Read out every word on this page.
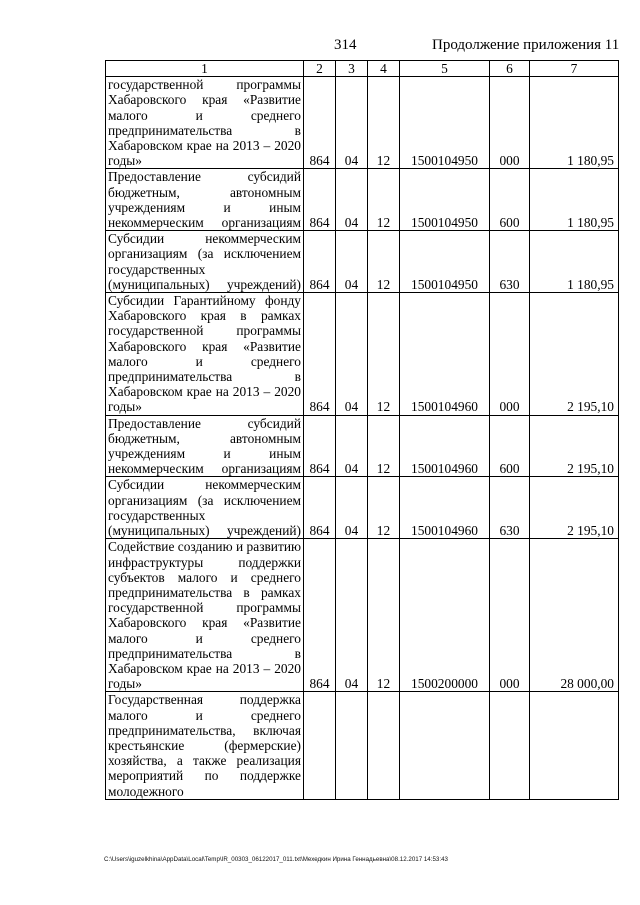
314	Продолжение приложения 11
1	2	3	4	5	6	7
государственной программы Хабаровского края «Развитие малого и среднего предпринимательства в Хабаровском крае на 2013 – 2020 годы»	864	04	12	1500104950	000	1 180,95
Предоставление субсидий бюджетным, автономным учреждениям и иным некоммерческим организациям	864	04	12	1500104950	600	1 180,95
Субсидии некоммерческим организациям (за исключением государственных (муниципальных) учреждений)	864	04	12	1500104950	630	1 180,95
Субсидии Гарантийному фонду Хабаровского края в рамках государственной программы Хабаровского края «Развитие малого и среднего предпринимательства в Хабаровском крае на 2013 – 2020 годы»	864	04	12	1500104960	000	2 195,10
Предоставление субсидий бюджетным, автономным учреждениям и иным некоммерческим организациям	864	04	12	1500104960	600	2 195,10
Субсидии некоммерческим организациям (за исключением государственных (муниципальных) учреждений)	864	04	12	1500104960	630	2 195,10
Содействие созданию и развитию инфраструктуры поддержки субъектов малого и среднего предпринимательства в рамках государственной программы Хабаровского края «Развитие малого и среднего предпринимательства в Хабаровском крае на 2013 – 2020 годы»	864	04	12	1500200000	000	28 000,00
Государственная поддержка малого и среднего предпринимательства, включая крестьянские (фермерские) хозяйства, а также реализация мероприятий по поддержке молодежного						
C:\Users\iguzelkhina\AppData\Local\Temp\IR_00303_06122017_011.txt\Мехедкин Ирина Геннадьевна\08.12.2017 14:53:43
